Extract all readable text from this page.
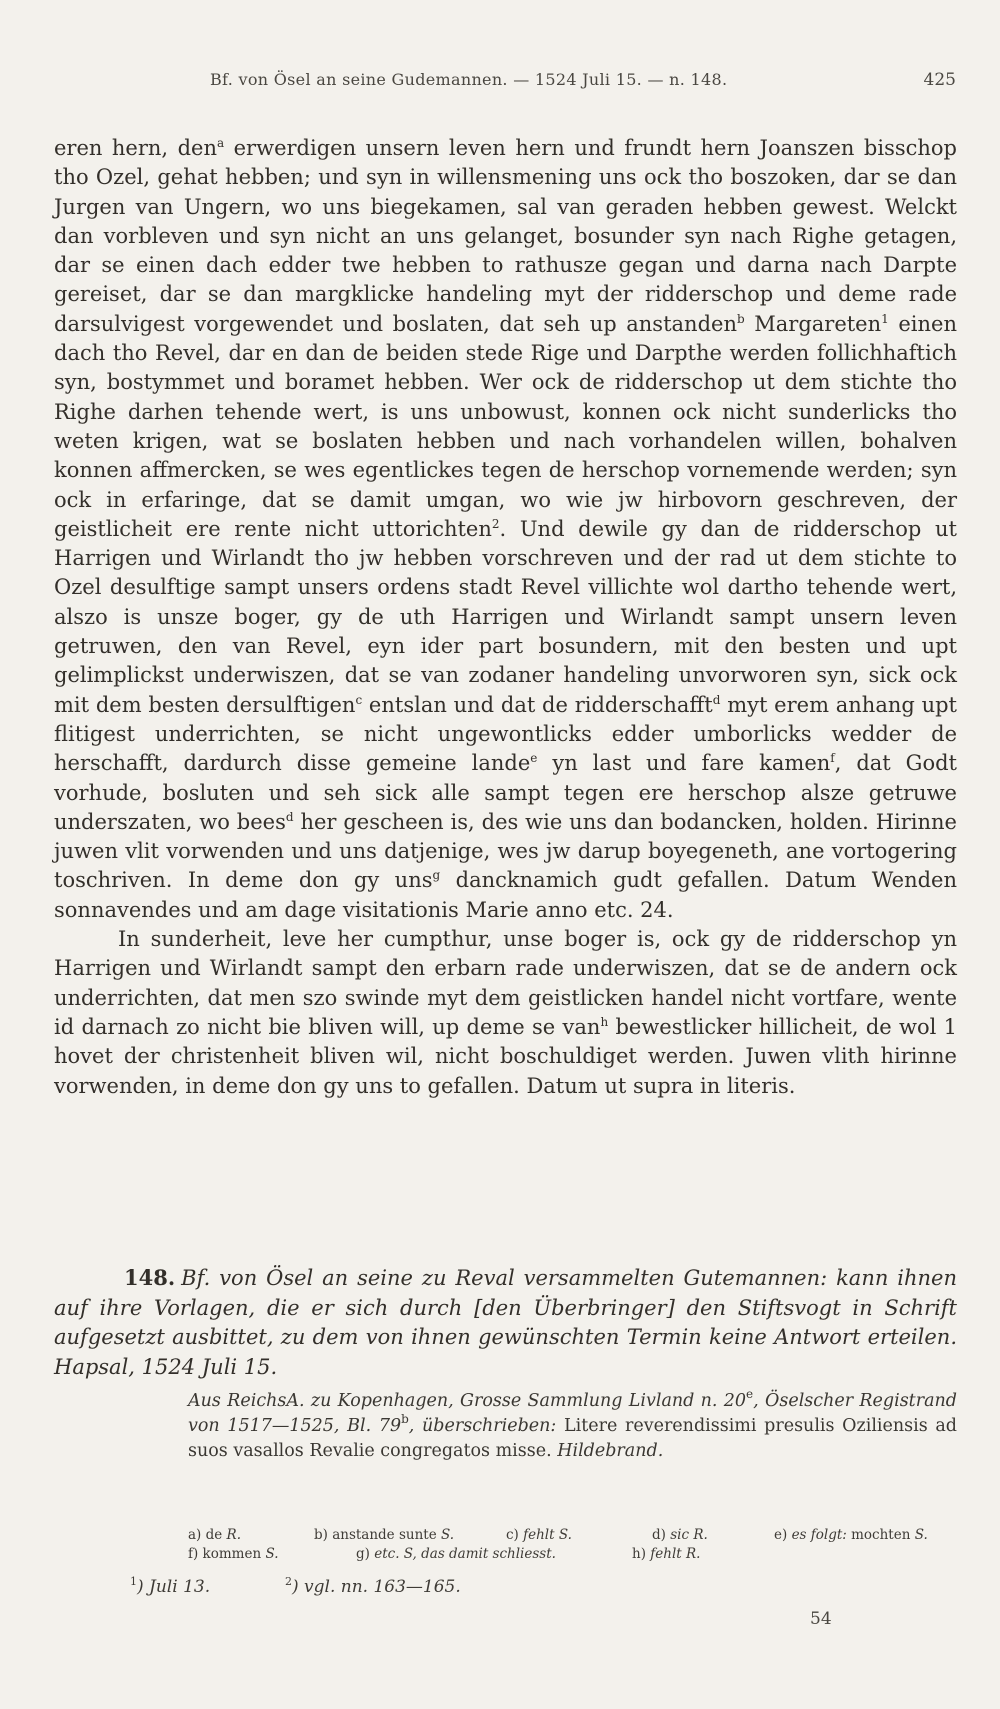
Bf. von Ösel an seine Gudemannen. — 1524 Juli 15. — n. 148.	425

eren hern, den$^a$ erwerdigen unsern leven hern und frundt hern Joanszen bisschop tho Ozel, gehat hebben; und syn in willensmening uns ock tho boszoken, dar se dan Jurgen van Ungern, wo uns biegekamen, sal van geraden hebben gewest. Welckt dan vorbleven und syn nicht an uns gelanget, bosunder syn nach Righe getagen, dar se einen dach edder twe hebben to rathusze gegan und darna nach Darpte gereiset, dar se dan margklicke handeling myt der ridderschop und deme rade darsulvigest vorgewendet und boslaten, dat seh up anstanden$^b$ Margareten$^1$ einen dach tho Revel, dar en dan de beiden stede Rige und Darpthe werden follichhaftich syn, bostymmet und boramet hebben. Wer ock de ridderschop ut dem stichte tho Righe darhen tehende wert, is uns unbowust, konnen ock nicht sunderlicks tho weten krigen, wat se boslaten hebben und nach vorhandelen willen, bohalven konnen affmercken, se wes egentlickes tegen de herschop vornemende werden; syn ock in erfaringe, dat se damit umgan, wo wie jw hirbovorn geschreven, der geistlicheit ere rente nicht uttorichten$^2$. Und dewile gy dan de ridderschop ut Harrigen und Wirlandt tho jw hebben vorschreven und der rad ut dem stichte to Ozel desulftige sampt unsers ordens stadt Revel villichte wol dartho tehende wert, alszo is unsze boger, gy de uth Harrigen und Wirlandt sampt unsern leven getruwen, den van Revel, eyn ider part bosundern, mit den besten und upt gelimplickst underwiszen, dat se van zodaner handeling unvorworen syn, sick ock mit dem besten dersulftigen$^c$ entslan und dat de ridderschafft$^d$ myt erem anhang upt flitigest underrichten, se nicht ungewontlicks edder umborlicks wedder de herschafft, dardurch disse gemeine lande$^e$ yn last und fare kamen$^f$, dat Godt vorhude, bosluten und seh sick alle sampt tegen ere herschop alsze getruwe underszaten, wo bees$^d$ her gescheen is, des wie uns dan bodancken, holden. Hirinne juwen vlit vorwenden und uns datjenige, wes jw darup boyegeneth, ane vortogering toschriven. In deme don gy uns$^g$ dancknamich gudt gefallen. Datum Wenden sonnavendes und am dage visitationis Marie anno etc. 24.

In sunderheit, leve her cumpthur, unse boger is, ock gy de ridderschop yn Harrigen und Wirlandt sampt den erbarn rade underwiszen, dat se de andern ock underrichten, dat men szo swinde myt dem geistlicken handel nicht vortfare, wente id darnach zo nicht bie bliven will, up deme se van$^h$ bewestlicker hillicheit, de wol 1 hovet der christenheit bliven wil, nicht boschuldiget werden. Juwen vlith hirinne vorwenden, in deme don gy uns to gefallen. Datum ut supra in literis.

148. Bf. von Ösel an seine zu Reval versammelten Gutemannen: kann ihnen auf ihre Vorlagen, die er sich durch [den Überbringer] den Stiftsvogt in Schrift aufgesetzt ausbittet, zu dem von ihnen gewünschten Termin keine Antwort erteilen. Hapsal, 1524 Juli 15.
Aus ReichsA. zu Kopenhagen, Grosse Sammlung Livland n. 20e, Öselscher Registrand von 1517—1525, Bl. 79$^b$, überschrieben: Litere reverendissimi presulis Oziliensis ad suos vasallos Revalie congregatos misse. Hildebrand.
a) de R.	b) anstande sunte S.	c) fehlt S.	d) sic R.	e) es folgt: mochten S.
f) kommen S.	g) etc. S, das damit schliesst.	h) fehlt R.
$^1$) Juli 13.	$^2$) vgl. nn. 163—165.
54
